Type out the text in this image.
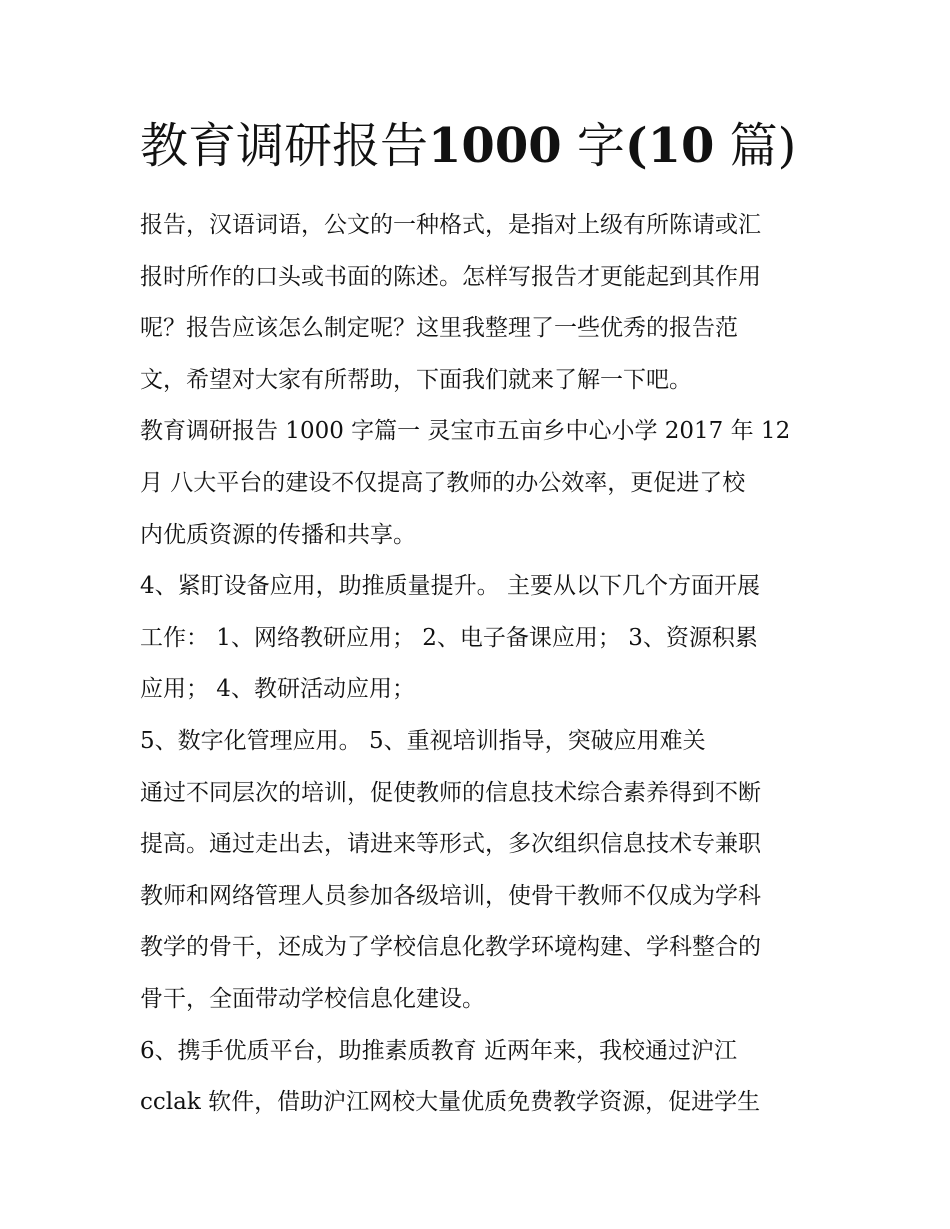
教育调研报告1000 字(10 篇)

报告，汉语词语，公文的一种格式，是指对上级有所陈请或汇

报时所作的口头或书面的陈述。怎样写报告才更能起到其作用

呢？报告应该怎么制定呢？这里我整理了一些优秀的报告范

文，希望对大家有所帮助，下面我们就来了解一下吧。

教育调研报告 1000 字篇一 灵宝市五亩乡中心小学 2017 年 12

月 八大平台的建设不仅提高了教师的办公效率，更促进了校

内优质资源的传播和共享。

4、紧盯设备应用，助推质量提升。 主要从以下几个方面开展

工作： 1、网络教研应用； 2、电子备课应用； 3、资源积累

应用； 4、教研活动应用；

5、数字化管理应用。 5、重视培训指导，突破应用难关

通过不同层次的培训，促使教师的信息技术综合素养得到不断

提高。通过走出去，请进来等形式，多次组织信息技术专兼职

教师和网络管理人员参加各级培训，使骨干教师不仅成为学科

教学的骨干，还成为了学校信息化教学环境构建、学科整合的

骨干，全面带动学校信息化建设。

6、携手优质平台，助推素质教育 近两年来，我校通过沪江

cclak 软件，借助沪江网校大量优质免费教学资源，促进学生
